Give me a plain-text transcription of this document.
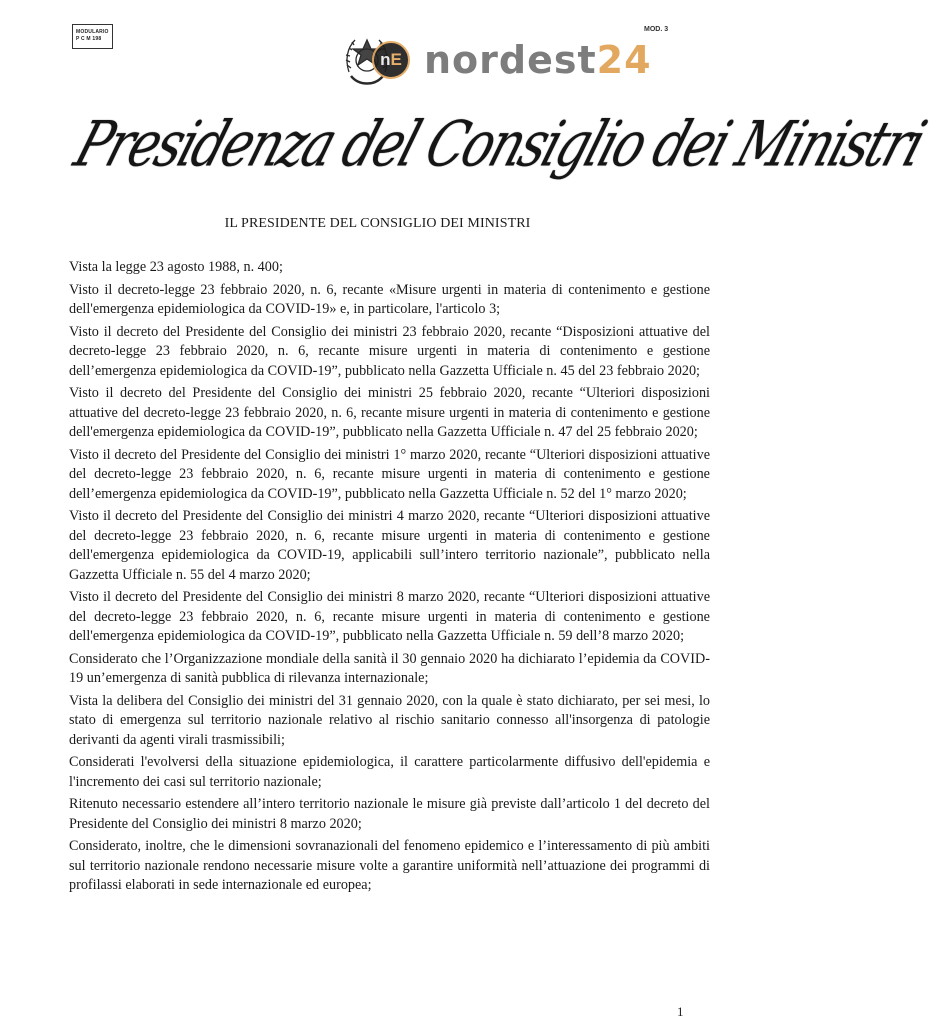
MODULARIO
P C M 198
MOD. 3
n E nordest24
Presidenza del Consiglio dei Ministri
IL PRESIDENTE DEL CONSIGLIO DEI MINISTRI

Vista la legge 23 agosto 1988, n. 400;

Visto il decreto-legge 23 febbraio 2020, n. 6, recante «Misure urgenti in materia di contenimento e gestione dell'emergenza epidemiologica da COVID-19» e, in particolare, l'articolo 3;

Visto il decreto del Presidente del Consiglio dei ministri 23 febbraio 2020, recante “Disposizioni attuative del decreto-legge 23 febbraio 2020, n. 6, recante misure urgenti in materia di contenimento e gestione dell’emergenza epidemiologica da COVID-19”, pubblicato nella Gazzetta Ufficiale n. 45 del 23 febbraio 2020;

Visto il decreto del Presidente del Consiglio dei ministri 25 febbraio 2020, recante “Ulteriori disposizioni attuative del decreto-legge 23 febbraio 2020, n. 6, recante misure urgenti in materia di contenimento e gestione dell'emergenza epidemiologica da COVID-19”, pubblicato nella Gazzetta Ufficiale n. 47 del 25 febbraio 2020;

Visto il decreto del Presidente del Consiglio dei ministri 1° marzo 2020, recante “Ulteriori disposizioni attuative del decreto-legge 23 febbraio 2020, n. 6, recante misure urgenti in materia di contenimento e gestione dell’emergenza epidemiologica da COVID-19”, pubblicato nella Gazzetta Ufficiale n. 52 del 1° marzo 2020;

Visto il decreto del Presidente del Consiglio dei ministri 4 marzo 2020, recante “Ulteriori disposizioni attuative del decreto-legge 23 febbraio 2020, n. 6, recante misure urgenti in materia di contenimento e gestione dell'emergenza epidemiologica da COVID-19, applicabili sull’intero territorio nazionale”, pubblicato nella Gazzetta Ufficiale n. 55 del 4 marzo 2020;

Visto il decreto del Presidente del Consiglio dei ministri 8 marzo 2020, recante “Ulteriori disposizioni attuative del decreto-legge 23 febbraio 2020, n. 6, recante misure urgenti in materia di contenimento e gestione dell'emergenza epidemiologica da COVID-19”, pubblicato nella Gazzetta Ufficiale n. 59 dell’8 marzo 2020;

Considerato che l’Organizzazione mondiale della sanità il 30 gennaio 2020 ha dichiarato l’epidemia da COVID-19 un’emergenza di sanità pubblica di rilevanza internazionale;

Vista la delibera del Consiglio dei ministri del 31 gennaio 2020, con la quale è stato dichiarato, per sei mesi, lo stato di emergenza sul territorio nazionale relativo al rischio sanitario connesso all'insorgenza di patologie derivanti da agenti virali trasmissibili;

Considerati l'evolversi della situazione epidemiologica, il carattere particolarmente diffusivo dell'epidemia e l'incremento dei casi sul territorio nazionale;

Ritenuto necessario estendere all’intero territorio nazionale le misure già previste dall’articolo 1 del decreto del Presidente del Consiglio dei ministri 8 marzo 2020;

Considerato, inoltre, che le dimensioni sovranazionali del fenomeno epidemico e l’interessamento di più ambiti sul territorio nazionale rendono necessarie misure volte a garantire uniformità nell’attuazione dei programmi di profilassi elaborati in sede internazionale ed europea;

1
